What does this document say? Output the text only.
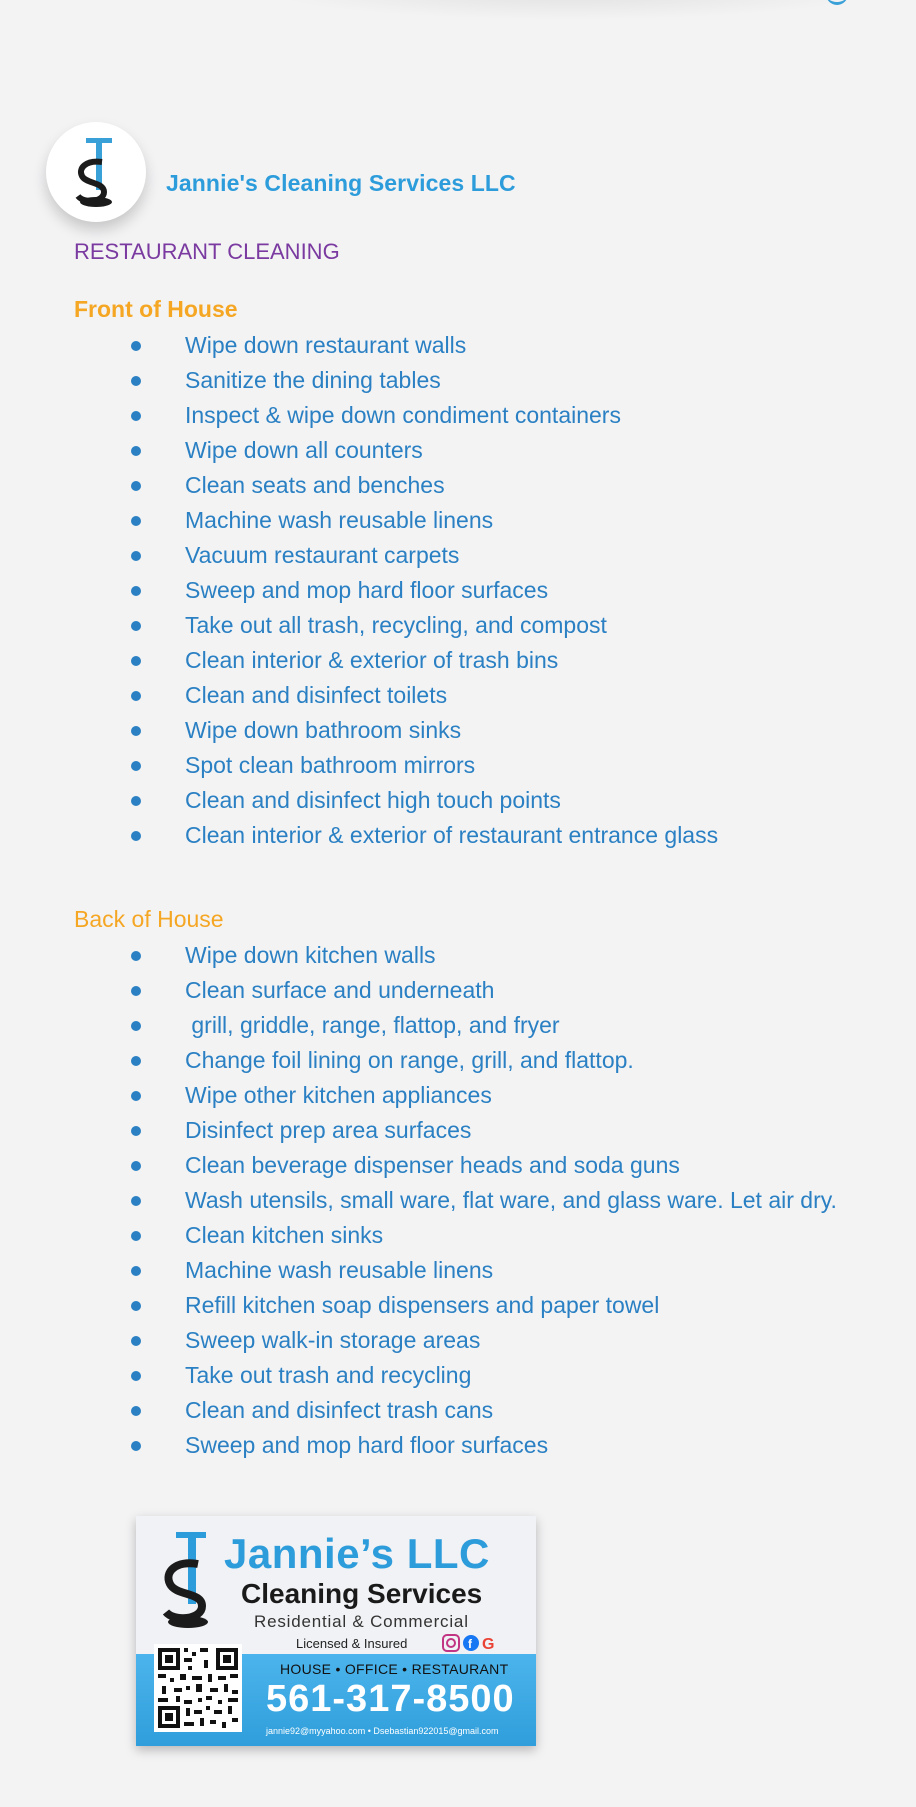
Jannie's Cleaning Services LLC
RESTAURANT CLEANING
Front of House
Wipe down restaurant walls
Sanitize the dining tables
Inspect & wipe down condiment containers
Wipe down all counters
Clean seats and benches
Machine wash reusable linens
Vacuum restaurant carpets
Sweep and mop hard floor surfaces
Take out all trash, recycling, and compost
Clean interior & exterior of trash bins
Clean and disinfect toilets
Wipe down bathroom sinks
Spot clean bathroom mirrors
Clean and disinfect high touch points
Clean interior & exterior of restaurant entrance glass
Back of House
Wipe down kitchen walls
Clean surface and underneath
grill, griddle, range, flattop, and fryer
Change foil lining on range, grill, and flattop.
Wipe other kitchen appliances
Disinfect prep area surfaces
Clean beverage dispenser heads and soda guns
Wash utensils, small ware, flat ware, and glass ware. Let air dry.
Clean kitchen sinks
Machine wash reusable linens
Refill kitchen soap dispensers and paper towel
Sweep walk-in storage areas
Take out trash and recycling
Clean and disinfect trash cans
Sweep and mop hard floor surfaces
Jannie’s LLC
Cleaning Services
Residential & Commercial
Licensed & Insured	f G
HOUSE • OFFICE • RESTAURANT
561-317-8500
jannie92@myyahoo.com • Dsebastian922015@gmail.com
